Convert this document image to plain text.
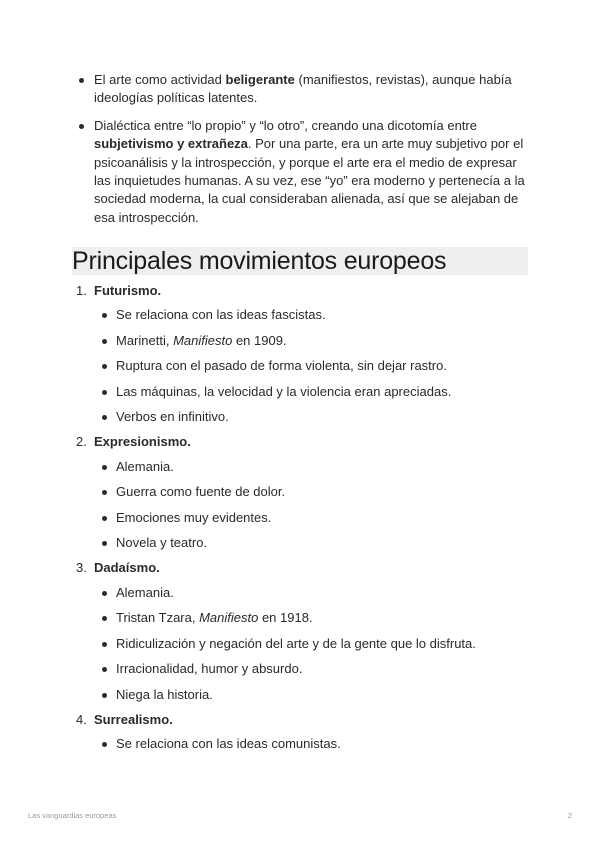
El arte como actividad beligerante (manifiestos, revistas), aunque había ideologías políticas latentes.
Dialéctica entre “lo propio” y “lo otro”, creando una dicotomía entre subjetivismo y extrañeza. Por una parte, era un arte muy subjetivo por el psicoanálisis y la introspección, y porque el arte era el medio de expresar las inquietudes humanas. A su vez, ese “yo” era moderno y pertenecía a la sociedad moderna, la cual consideraban alienada, así que se alejaban de esa introspección.
Principales movimientos europeos
1. Futurismo.
Se relaciona con las ideas fascistas.
Marinetti, Manifiesto en 1909.
Ruptura con el pasado de forma violenta, sin dejar rastro.
Las máquinas, la velocidad y la violencia eran apreciadas.
Verbos en infinitivo.
2. Expresionismo.
Alemania.
Guerra como fuente de dolor.
Emociones muy evidentes.
Novela y teatro.
3. Dadaísmo.
Alemania.
Tristan Tzara, Manifiesto en 1918.
Ridiculización y negación del arte y de la gente que lo disfruta.
Irracionalidad, humor y absurdo.
Niega la historia.
4. Surrealismo.
Se relaciona con las ideas comunistas.
Las vanguardias europeas	2
